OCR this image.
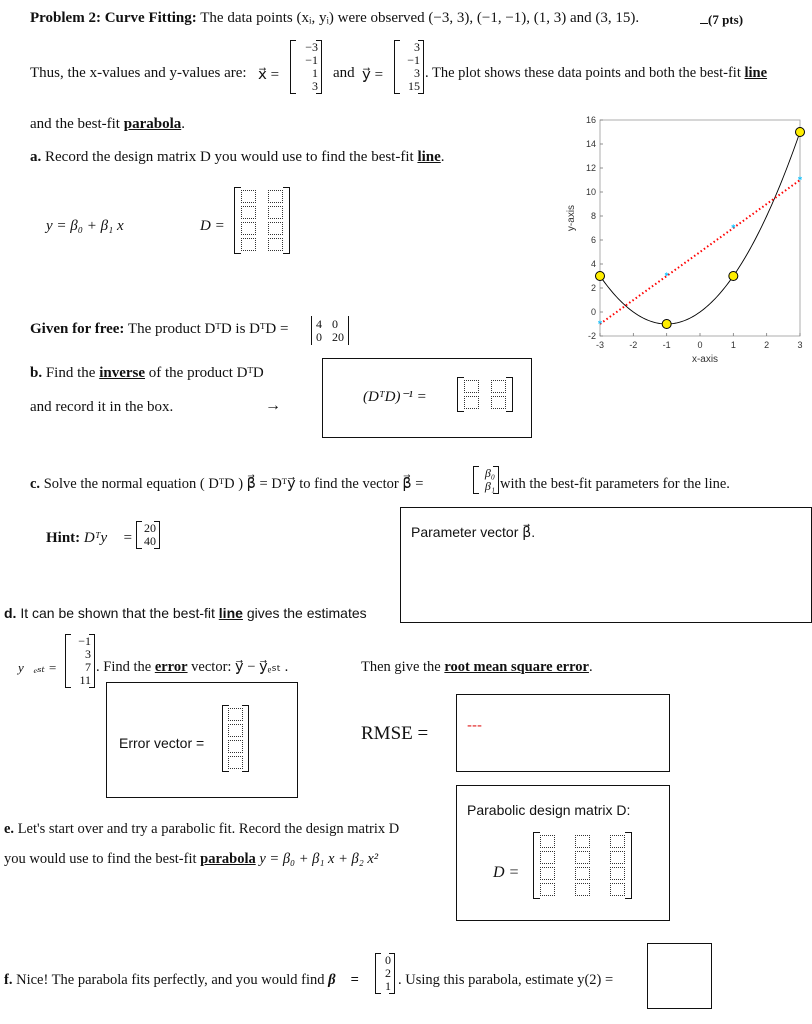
Problem 2: Curve Fitting: The data points (xᵢ, yᵢ) were observed (−3, 3), (−1, −1), (1, 3) and (3, 15).	(7 pts)
Thus, the x-values and y-values are: x⃗ =
−3
−1
1
3
and y⃗ =
3
−1
3
15
. The plot shows these data points and both the best-fit line
and the best-fit parabola.
y-axis
x-axis
-3	-2	-1	0	1	2	3
-2
0
2
4
6
8
10
12
14
16
*
*
*
*
a. Record the design matrix D you would use to find the best-fit line.
y = β₀ + β₁ x	D =
Given for free: The product DᵀD is DᵀD = 4 0
0 20
b. Find the inverse of the product DᵀD
and record it in the box.	→	(DᵀD)⁻¹ =
c. Solve the normal equation ( DᵀD ) β⃗ = Dᵀy⃗ to find the vector β⃗ =
β₀
β₁ with the best-fit parameters for the line.
Hint: Dᵀy⃗ =
20
40
Parameter vector β⃗.
d. It can be shown that the best-fit line gives the estimates
y⃗ₑₛₜ =
−1
3
7
11
. Find the error vector: y⃗ − y⃗ₑₛₜ .	Then give the root mean square error.
Error vector =	RMSE =	---
e. Let's start over and try a parabolic fit. Record the design matrix D
you would use to find the best-fit parabola y = β₀ + β₁ x + β₂ x²
Parabolic design matrix D:
D =
f. Nice! The parabola fits perfectly, and you would find β⃗ =
0
2
1 . Using this parabola, estimate y(2) =
